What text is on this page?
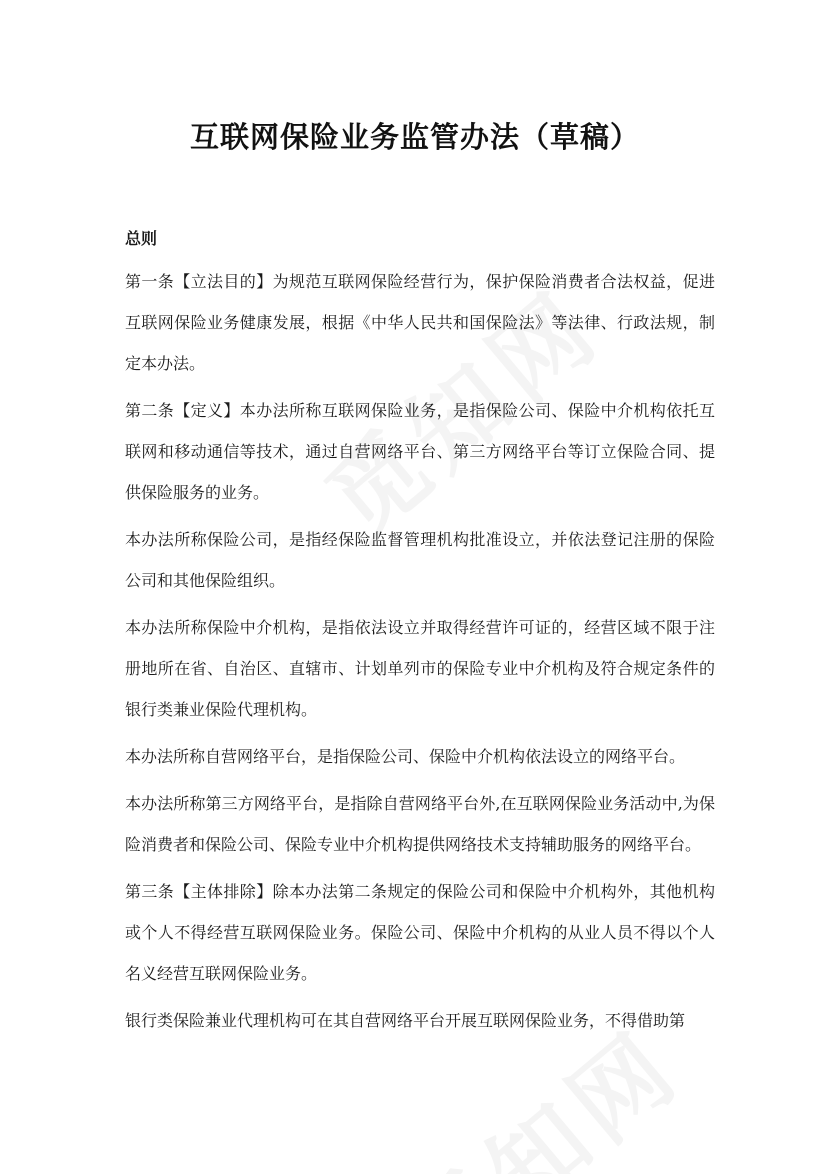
互联网保险业务监管办法（草稿）
总则

第一条【立法目的】为规范互联网保险经营行为，保护保险消费者合法权益，促进互联网保险业务健康发展，根据《中华人民共和国保险法》等法律、行政法规，制定本办法。

第二条【定义】本办法所称互联网保险业务，是指保险公司、保险中介机构依托互联网和移动通信等技术，通过自营网络平台、第三方网络平台等订立保险合同、提供保险服务的业务。

本办法所称保险公司，是指经保险监督管理机构批准设立，并依法登记注册的保险公司和其他保险组织。

本办法所称保险中介机构，是指依法设立并取得经营许可证的，经营区域不限于注册地所在省、自治区、直辖市、计划单列市的保险专业中介机构及符合规定条件的银行类兼业保险代理机构。

本办法所称自营网络平台，是指保险公司、保险中介机构依法设立的网络平台。

本办法所称第三方网络平台，是指除自营网络平台外,在互联网保险业务活动中,为保险消费者和保险公司、保险专业中介机构提供网络技术支持辅助服务的网络平台。

第三条【主体排除】除本办法第二条规定的保险公司和保险中介机构外，其他机构或个人不得经营互联网保险业务。保险公司、保险中介机构的从业人员不得以个人名义经营互联网保险业务。

银行类保险兼业代理机构可在其自营网络平台开展互联网保险业务，不得借助第
